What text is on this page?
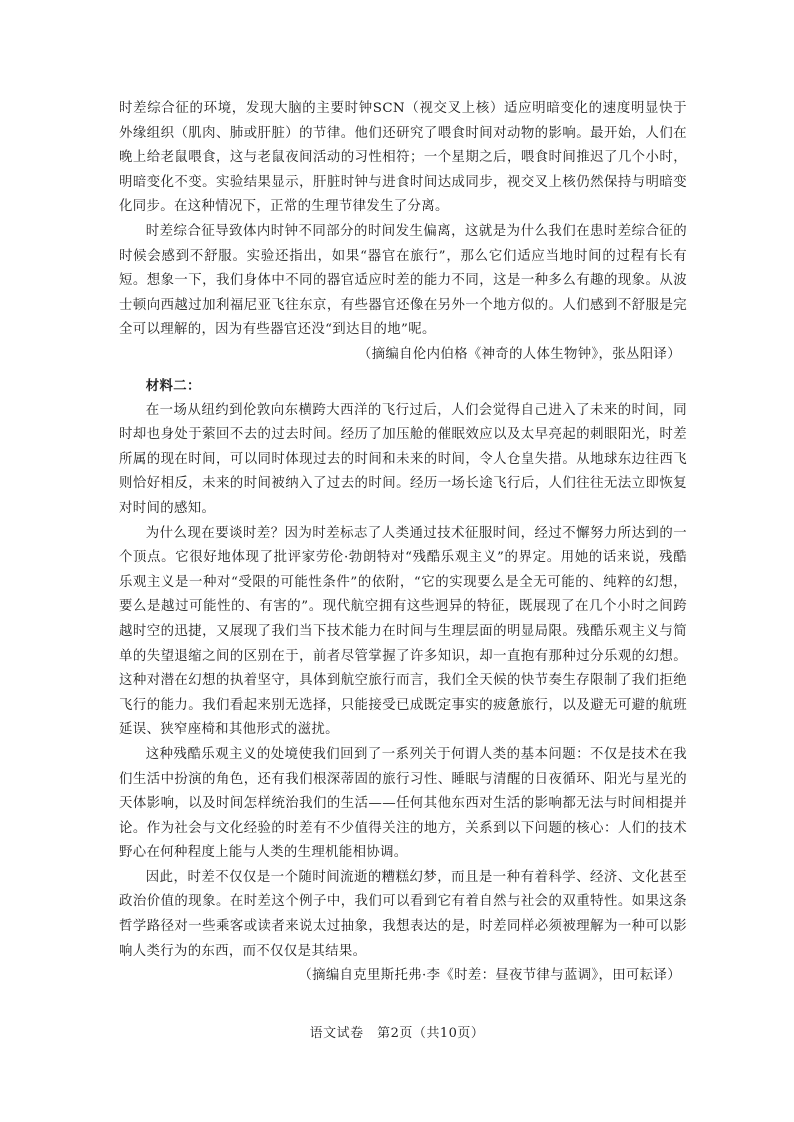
时差综合征的环境，发现大脑的主要时钟SCN（视交叉上核）适应明暗变化的速度明显快于外缘组织（肌肉、肺或肝脏）的节律。他们还研究了喂食时间对动物的影响。最开始，人们在晚上给老鼠喂食，这与老鼠夜间活动的习性相符；一个星期之后，喂食时间推迟了几个小时，明暗变化不变。实验结果显示，肝脏时钟与进食时间达成同步，视交叉上核仍然保持与明暗变化同步。在这种情况下，正常的生理节律发生了分离。

时差综合征导致体内时钟不同部分的时间发生偏离，这就是为什么我们在患时差综合征的时候会感到不舒服。实验还指出，如果“器官在旅行”，那么它们适应当地时间的过程有长有短。想象一下，我们身体中不同的器官适应时差的能力不同，这是一种多么有趣的现象。从波士顿向西越过加利福尼亚飞往东京，有些器官还像在另外一个地方似的。人们感到不舒服是完全可以理解的，因为有些器官还没“到达目的地”呢。

（摘编自伦内伯格《神奇的人体生物钟》，张丛阳译）

材料二：

在一场从纽约到伦敦向东横跨大西洋的飞行过后，人们会觉得自己进入了未来的时间，同时却也身处于萦回不去的过去时间。经历了加压舱的催眠效应以及太早亮起的刺眼阳光，时差所属的现在时间，可以同时体现过去的时间和未来的时间，令人仓皇失措。从地球东边往西飞则恰好相反，未来的时间被纳入了过去的时间。经历一场长途飞行后，人们往往无法立即恢复对时间的感知。

为什么现在要谈时差？因为时差标志了人类通过技术征服时间，经过不懈努力所达到的一个顶点。它很好地体现了批评家劳伦·勃朗特对“残酷乐观主义”的界定。用她的话来说，残酷乐观主义是一种对“受限的可能性条件”的依附，“它的实现要么是全无可能的、纯粹的幻想，要么是越过可能性的、有害的”。现代航空拥有这些迥异的特征，既展现了在几个小时之间跨越时空的迅捷，又展现了我们当下技术能力在时间与生理层面的明显局限。残酷乐观主义与简单的失望退缩之间的区别在于，前者尽管掌握了许多知识，却一直抱有那种过分乐观的幻想。这种对潜在幻想的执着坚守，具体到航空旅行而言，我们全天候的快节奏生存限制了我们拒绝飞行的能力。我们看起来别无选择，只能接受已成既定事实的疲惫旅行，以及避无可避的航班延误、狭窄座椅和其他形式的滋扰。

这种残酷乐观主义的处境使我们回到了一系列关于何谓人类的基本问题：不仅是技术在我们生活中扮演的角色，还有我们根深蒂固的旅行习性、睡眠与清醒的日夜循环、阳光与星光的天体影响，以及时间怎样统治我们的生活——任何其他东西对生活的影响都无法与时间相提并论。作为社会与文化经验的时差有不少值得关注的地方，关系到以下问题的核心：人们的技术野心在何种程度上能与人类的生理机能相协调。

因此，时差不仅仅是一个随时间流逝的糟糕幻梦，而且是一种有着科学、经济、文化甚至政治价值的现象。在时差这个例子中，我们可以看到它有着自然与社会的双重特性。如果这条哲学路径对一些乘客或读者来说太过抽象，我想表达的是，时差同样必须被理解为一种可以影响人类行为的东西，而不仅仅是其结果。

（摘编自克里斯托弗·李《时差：昼夜节律与蓝调》，田可耘译）

语文试卷　第2页（共10页）
